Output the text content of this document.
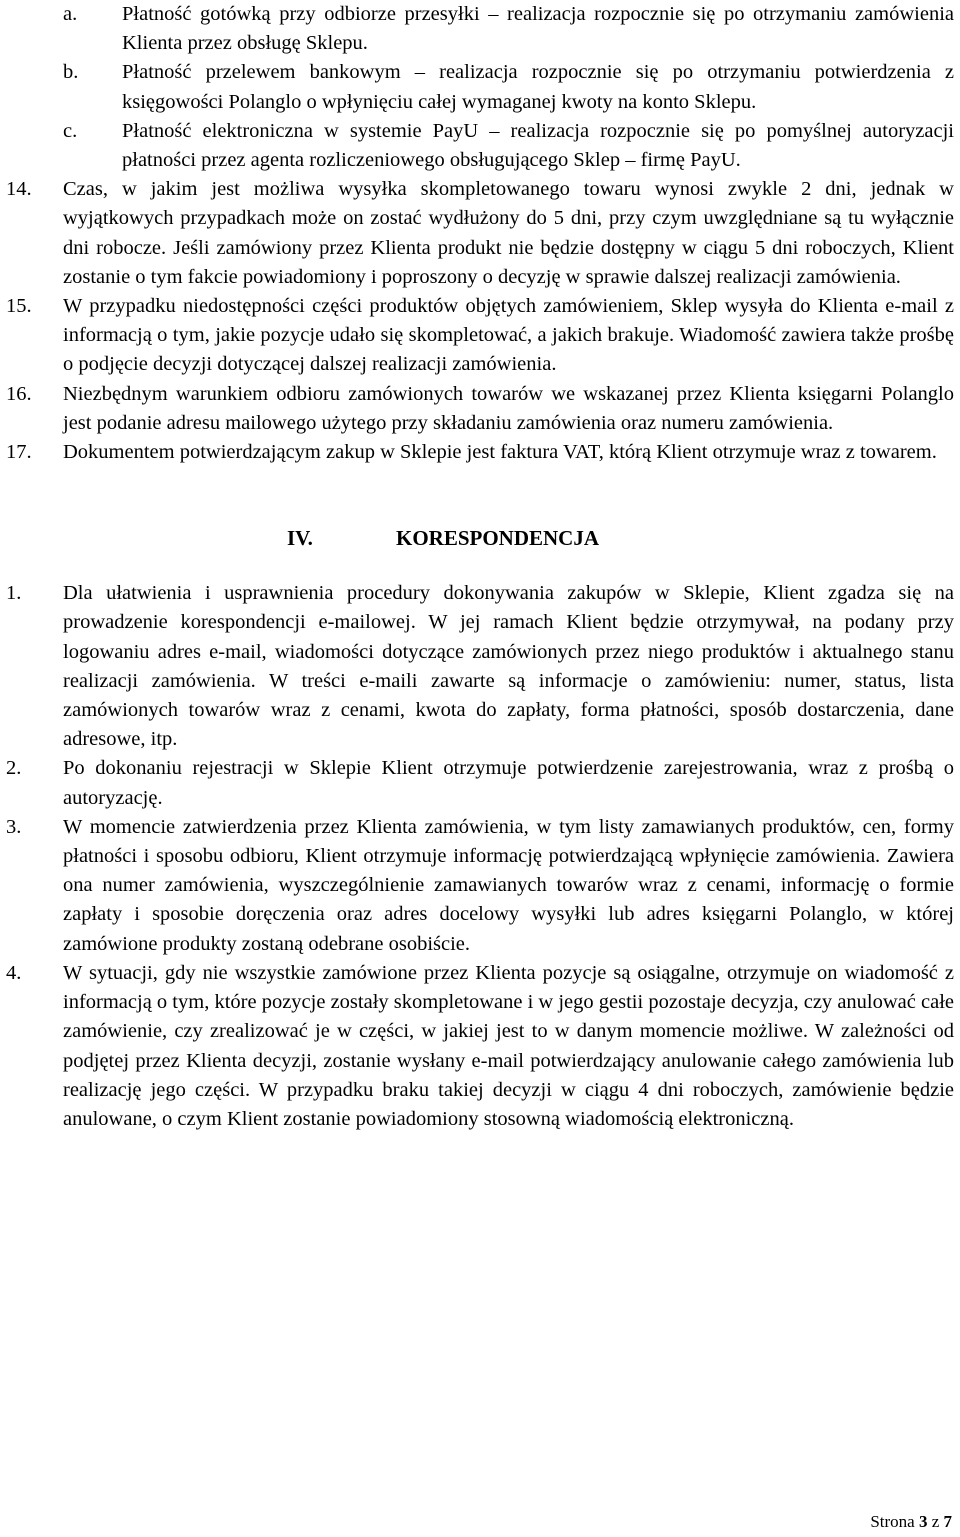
a. Płatność gotówką przy odbiorze przesyłki – realizacja rozpocznie się po otrzymaniu zamówienia Klienta przez obsługę Sklepu.
b. Płatność przelewem bankowym – realizacja rozpocznie się po otrzymaniu potwierdzenia z księgowości Polanglo o wpłynięciu całej wymaganej kwoty na konto Sklepu.
c. Płatność elektroniczna w systemie PayU – realizacja rozpocznie się po pomyślnej autoryzacji płatności przez agenta rozliczeniowego obsługującego Sklep – firmę PayU.
14. Czas, w jakim jest możliwa wysyłka skompletowanego towaru wynosi zwykle 2 dni, jednak w wyjątkowych przypadkach może on zostać wydłużony do 5 dni, przy czym uwzględniane są tu wyłącznie dni robocze. Jeśli zamówiony przez Klienta produkt nie będzie dostępny w ciągu 5 dni roboczych, Klient zostanie o tym fakcie powiadomiony i poproszony o decyzję w sprawie dalszej realizacji zamówienia.
15. W przypadku niedostępności części produktów objętych zamówieniem, Sklep wysyła do Klienta e-mail z informacją o tym, jakie pozycje udało się skompletować, a jakich brakuje. Wiadomość zawiera także prośbę o podjęcie decyzji dotyczącej dalszej realizacji zamówienia.
16. Niezbędnym warunkiem odbioru zamówionych towarów we wskazanej przez Klienta księgarni Polanglo jest podanie adresu mailowego użytego przy składaniu zamówienia oraz numeru zamówienia.
17. Dokumentem potwierdzającym zakup w Sklepie jest faktura VAT, którą Klient otrzymuje wraz z towarem.
IV.	KORESPONDENCJA
1. Dla ułatwienia i usprawnienia procedury dokonywania zakupów w Sklepie, Klient zgadza się na prowadzenie korespondencji e-mailowej. W jej ramach Klient będzie otrzymywał, na podany przy logowaniu adres e-mail, wiadomości dotyczące zamówionych przez niego produktów i aktualnego stanu realizacji zamówienia. W treści e-maili zawarte są informacje o zamówieniu: numer, status, lista zamówionych towarów wraz z cenami, kwota do zapłaty, forma płatności, sposób dostarczenia, dane adresowe, itp.
2. Po dokonaniu rejestracji w Sklepie Klient otrzymuje potwierdzenie zarejestrowania, wraz z prośbą o autoryzację.
3. W momencie zatwierdzenia przez Klienta zamówienia, w tym listy zamawianych produktów, cen, formy płatności i sposobu odbioru, Klient otrzymuje informację potwierdzającą wpłynięcie zamówienia. Zawiera ona numer zamówienia, wyszczególnienie zamawianych towarów wraz z cenami, informację o formie zapłaty i sposobie doręczenia oraz adres docelowy wysyłki lub adres księgarni Polanglo, w której zamówione produkty zostaną odebrane osobiście.
4. W sytuacji, gdy nie wszystkie zamówione przez Klienta pozycje są osiągalne, otrzymuje on wiadomość z informacją o tym, które pozycje zostały skompletowane i w jego gestii pozostaje decyzja, czy anulować całe zamówienie, czy zrealizować je w części, w jakiej jest to w danym momencie możliwe. W zależności od podjętej przez Klienta decyzji, zostanie wysłany e-mail potwierdzający anulowanie całego zamówienia lub realizację jego części. W przypadku braku takiej decyzji w ciągu 4 dni roboczych, zamówienie będzie anulowane, o czym Klient zostanie powiadomiony stosowną wiadomością elektroniczną.
Strona 3 z 7
